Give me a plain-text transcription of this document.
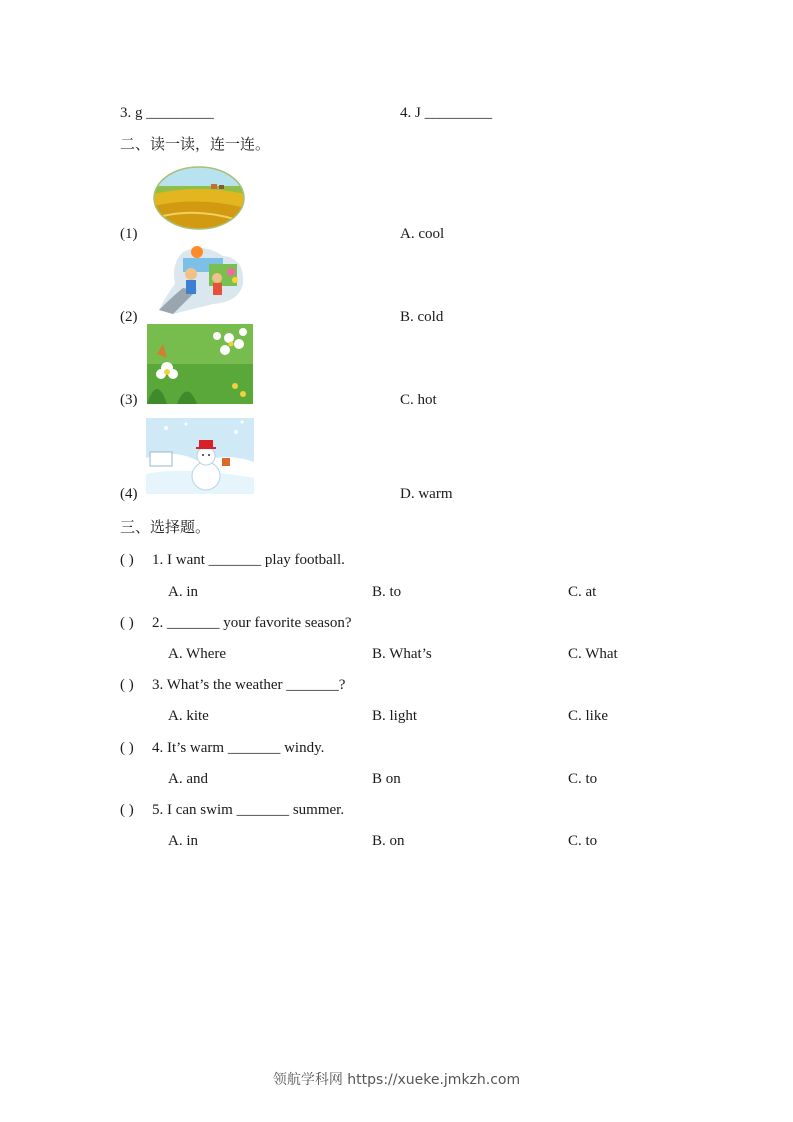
3. g _________	4. J _________
二、读一读，连一连。
(1)	A. cool
(2)	B. cold
(3)	C. hot
(4)	D. warm
三、选择题。
( ) 1. I want _______ play football.
A. in	B. to	C. at
( ) 2. _______ your favorite season?
A. Where	B. What’s	C. What
( ) 3. What’s the weather _______?
A. kite	B. light	C. like
( ) 4. It’s warm _______ windy.
A. and	B on	C. to
( ) 5. I can swim _______ summer.
A. in	B. on	C. to
领航学科网 https://xueke.jmkzh.com
